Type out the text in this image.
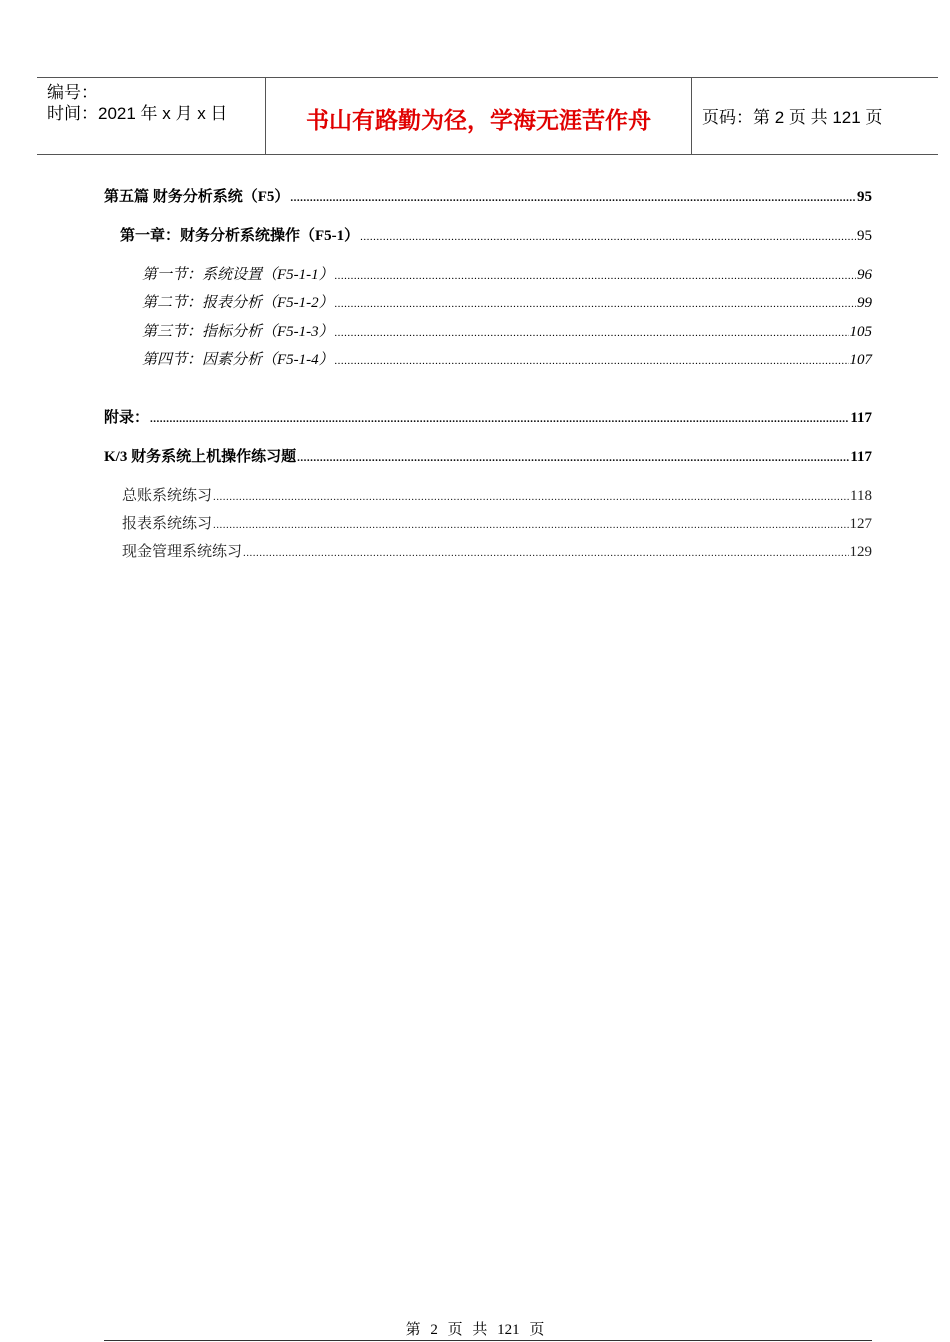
编号：
时间：2021 年 x 月 x 日	书山有路勤为径，学海无涯苦作舟	页码：第 2 页 共 121 页
第五篇 财务分析系统（F5） .....	95
第一章：财务分析系统操作（F5-1） .....	95
第一节：系统设置（F5-1-1） .....	96
第二节：报表分析（F5-1-2） .....	99
第三节：指标分析（F5-1-3） .....	105
第四节：因素分析（F5-1-4） .....	107
附录： .....	117
K/3 财务系统上机操作练习题 .....	117
总账系统练习 .....	118
报表系统练习 .....	127
现金管理系统练习 .....	129
第 2 页 共 121 页
